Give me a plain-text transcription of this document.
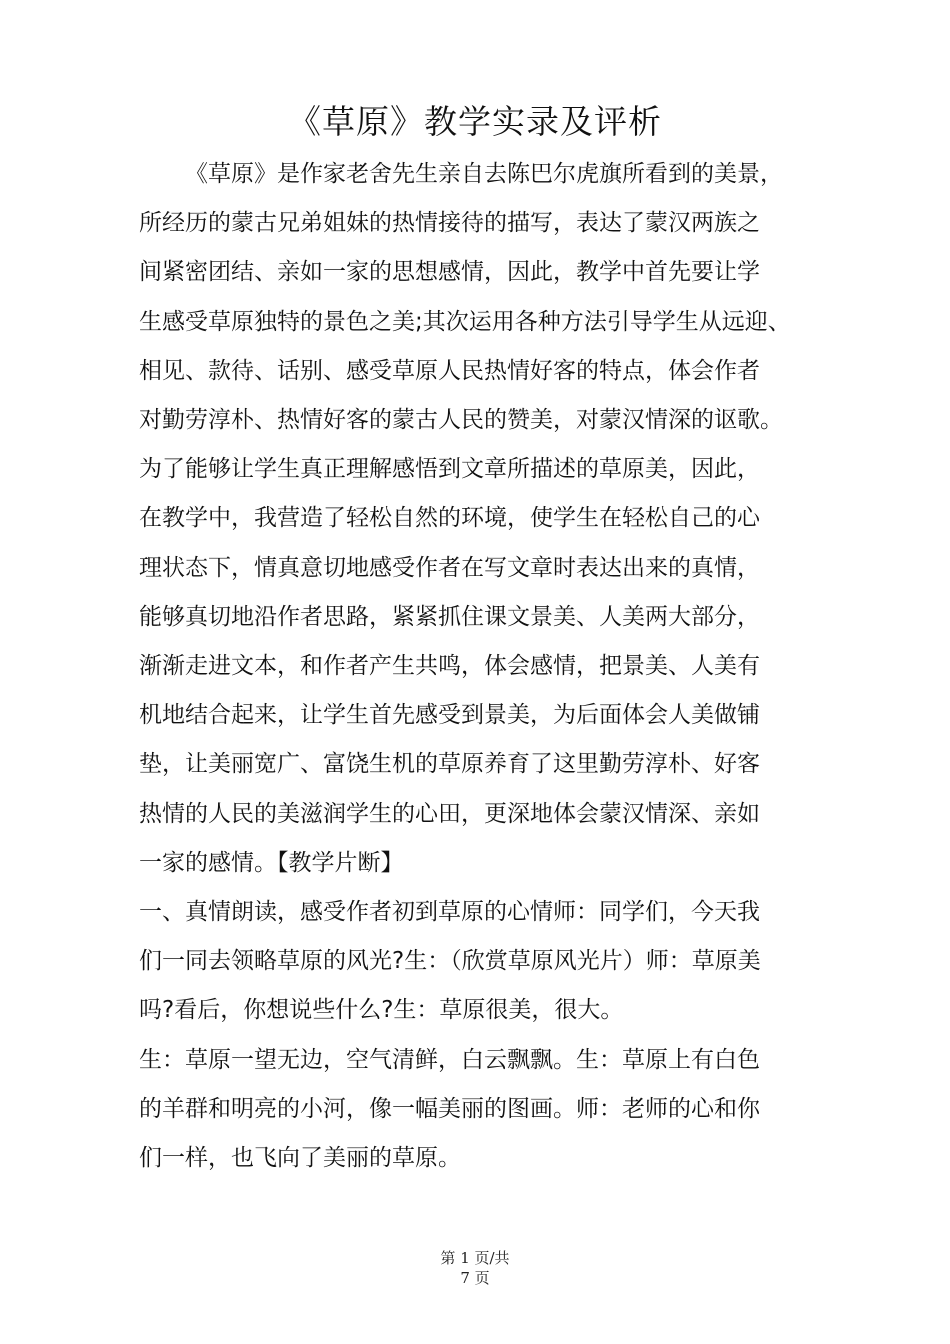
《草原》教学实录及评析
《草原》是作家老舍先生亲自去陈巴尔虎旗所看到的美景，
所经历的蒙古兄弟姐妹的热情接待的描写，表达了蒙汉两族之
间紧密团结、亲如一家的思想感情，因此，教学中首先要让学
生感受草原独特的景色之美;其次运用各种方法引导学生从远迎、
相见、款待、话别、感受草原人民热情好客的特点，体会作者
对勤劳淳朴、热情好客的蒙古人民的赞美，对蒙汉情深的讴歌。
为了能够让学生真正理解感悟到文章所描述的草原美，因此，
在教学中，我营造了轻松自然的环境，使学生在轻松自己的心
理状态下，情真意切地感受作者在写文章时表达出来的真情，
能够真切地沿作者思路，紧紧抓住课文景美、人美两大部分，
渐渐走进文本，和作者产生共鸣，体会感情，把景美、人美有
机地结合起来，让学生首先感受到景美，为后面体会人美做铺
垫，让美丽宽广、富饶生机的草原养育了这里勤劳淳朴、好客
热情的人民的美滋润学生的心田，更深地体会蒙汉情深、亲如
一家的感情。【教学片断】
一、真情朗读，感受作者初到草原的心情师：同学们，今天我
们一同去领略草原的风光?生：（欣赏草原风光片）师：草原美
吗?看后，你想说些什么?生：草原很美，很大。
生：草原一望无边，空气清鲜，白云飘飘。生：草原上有白色
的羊群和明亮的小河，像一幅美丽的图画。师：老师的心和你
们一样，也飞向了美丽的草原。
第 1 页/共
7 页
